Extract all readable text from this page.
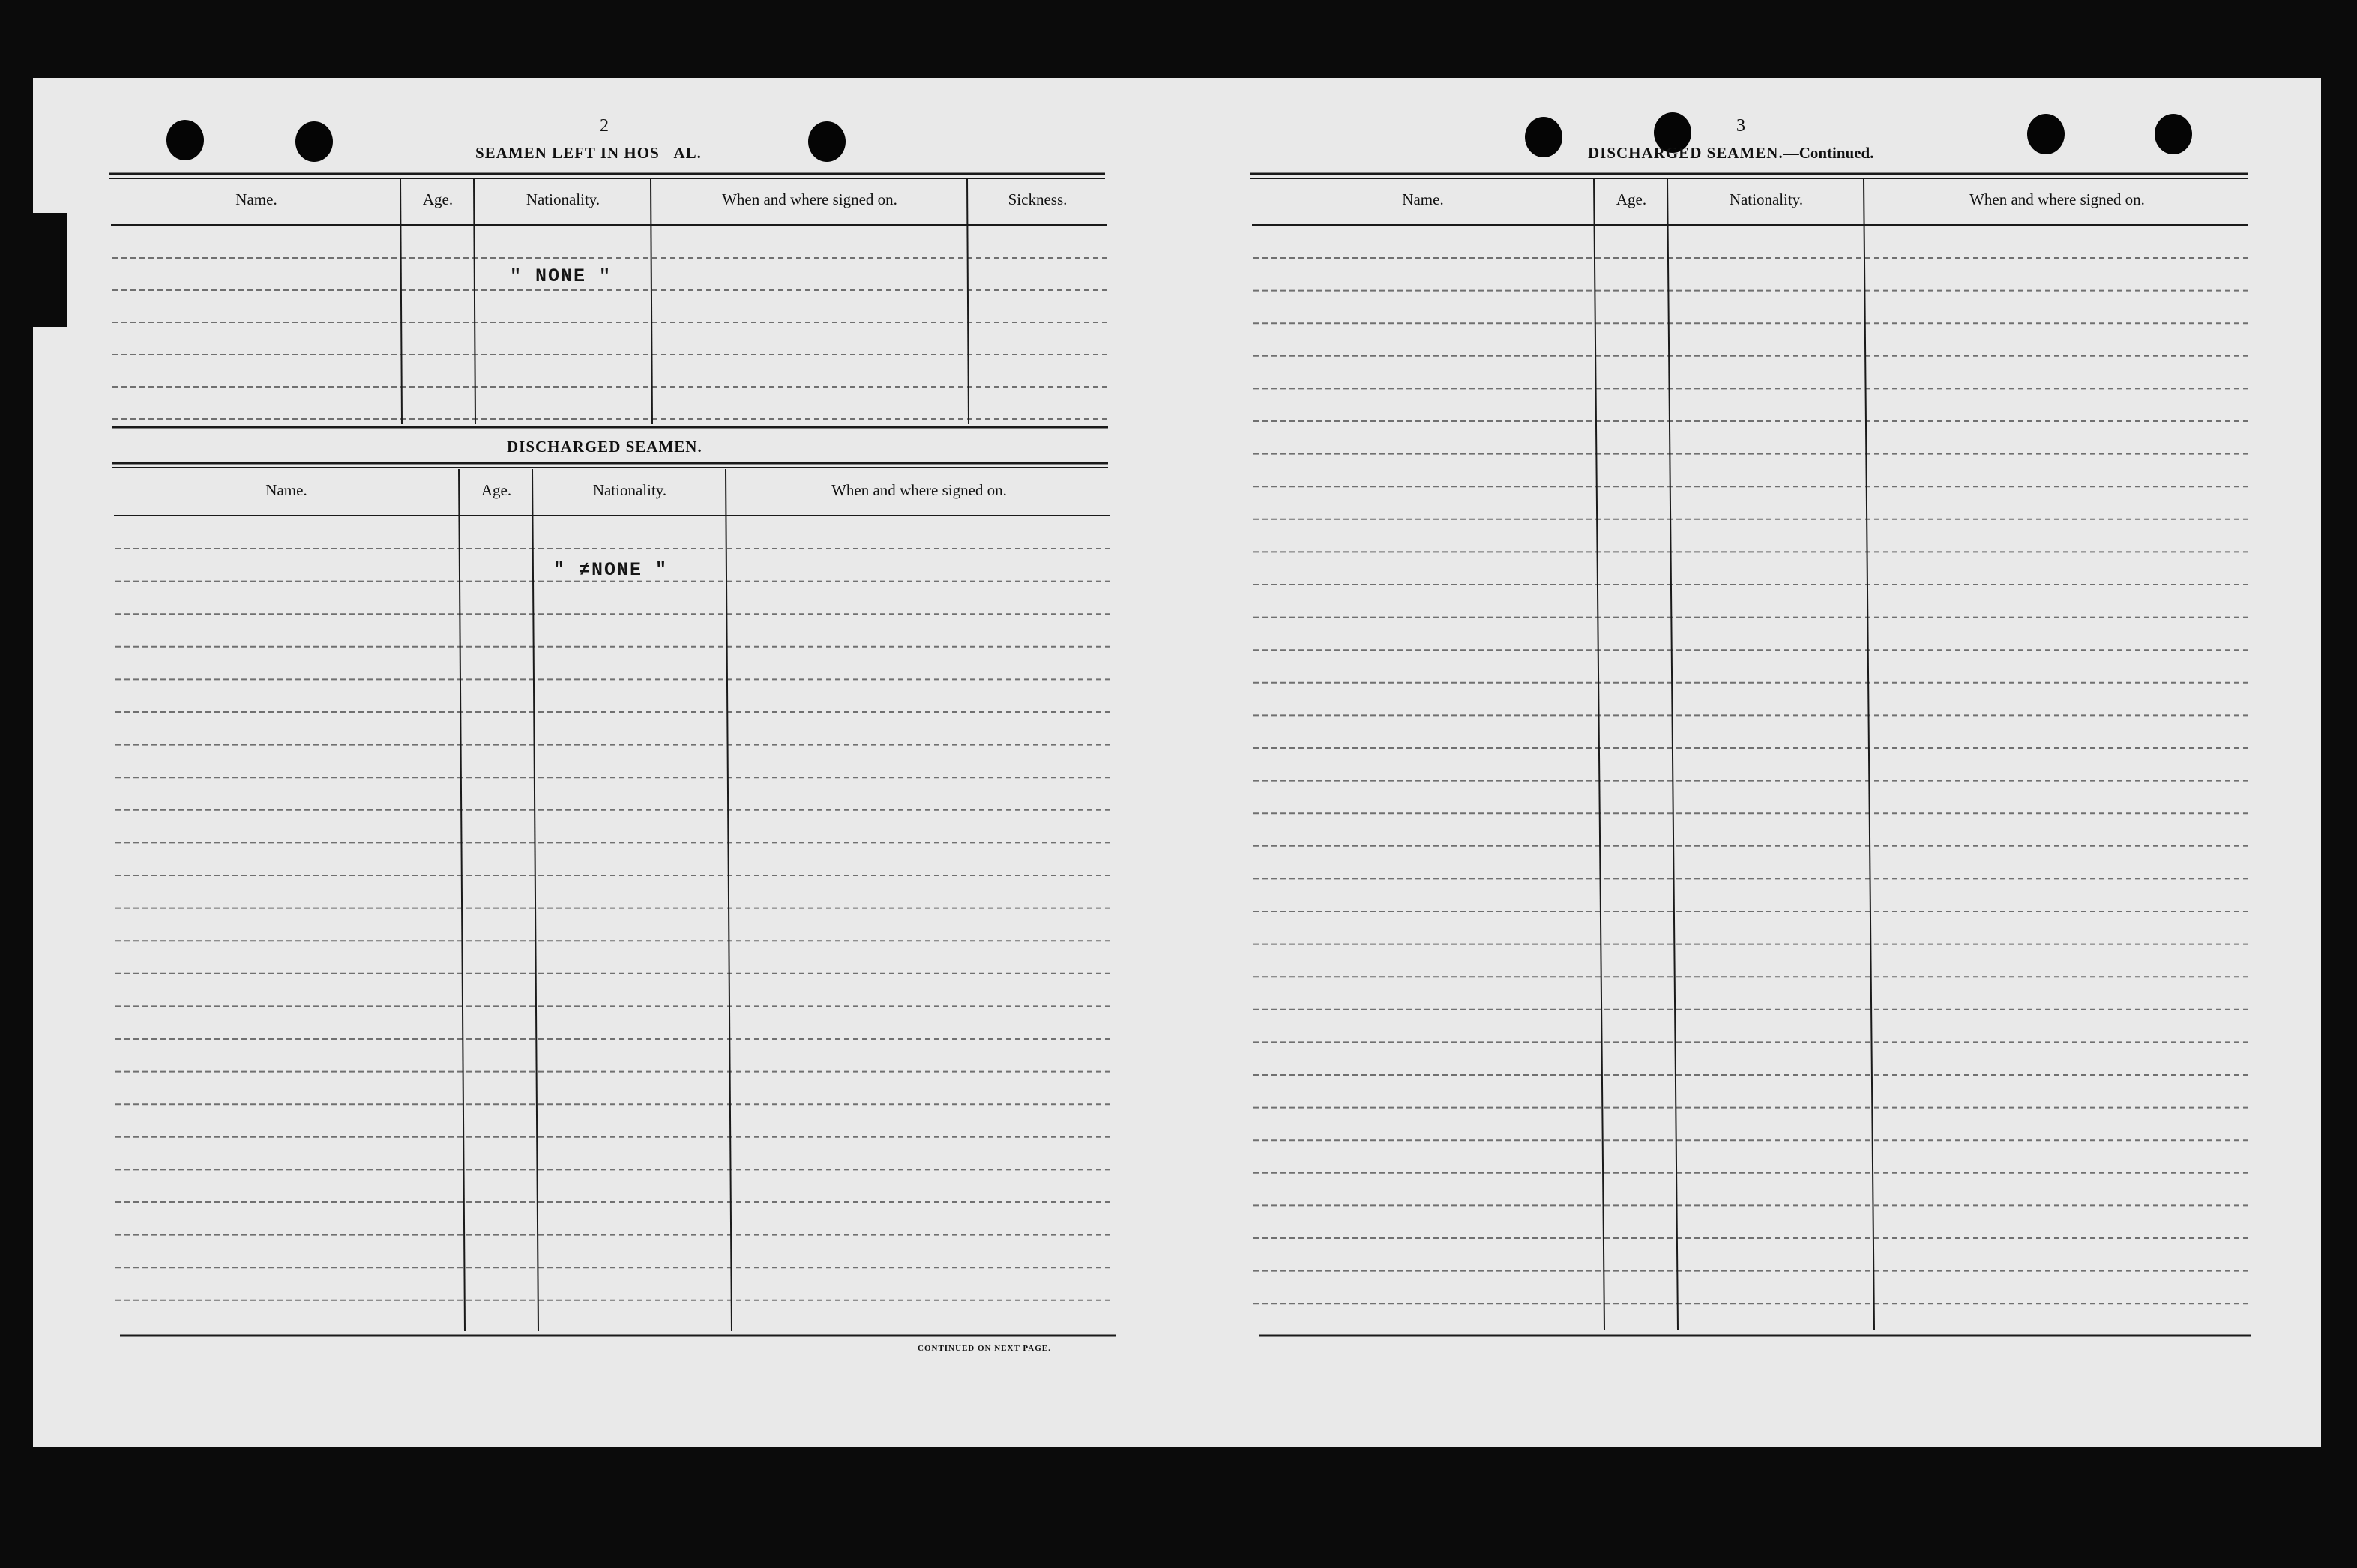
2
SEAMEN LEFT IN HOS   AL.
Name.	Age.	Nationality.	When and where signed on.	Sickness.
" NONE "
DISCHARGED SEAMEN.
Name.	Age.	Nationality.	When and where signed on.
" ≠NONE "
CONTINUED ON NEXT PAGE.
3
DISCHARGED SEAMEN.—Continued.
Name.	Age.	Nationality.	When and where signed on.
